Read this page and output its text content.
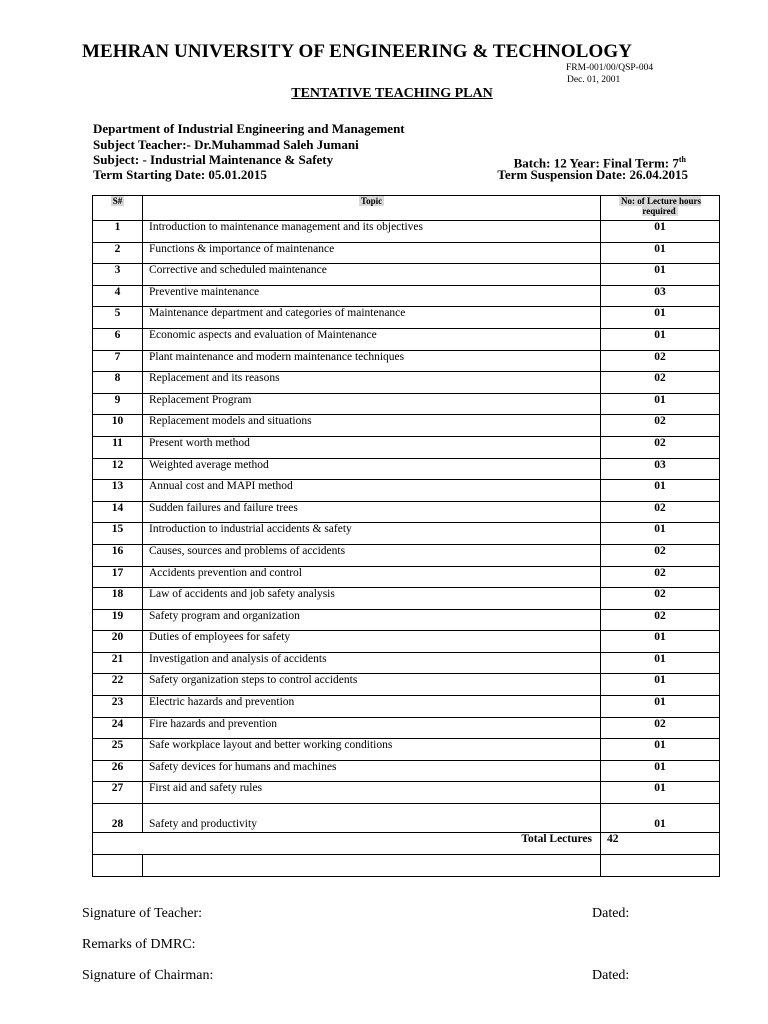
MEHRAN UNIVERSITY OF ENGINEERING & TECHNOLOGY
FRM-001/00/QSP-004
Dec. 01, 2001
TENTATIVE TEACHING PLAN
Department of Industrial Engineering and Management
Subject Teacher:- Dr.Muhammad Saleh Jumani
Subject: - Industrial Maintenance & Safety
Term Starting Date: 05.01.2015
Batch: 12 Year: Final Term: 7th
Term Suspension Date: 26.04.2015
S#	Topic	No: of Lecture hours required
1	Introduction to maintenance management and its objectives	01
2	Functions & importance of maintenance	01
3	Corrective and scheduled maintenance	01
4	Preventive maintenance	03
5	Maintenance department and categories of maintenance	01
6	Economic aspects and evaluation of Maintenance	01
7	Plant maintenance and modern maintenance techniques	02
8	Replacement and its reasons	02
9	Replacement Program	01
10	Replacement models and situations	02
11	Present worth method	02
12	Weighted average method	03
13	Annual cost and MAPI method	01
14	Sudden failures and failure trees	02
15	Introduction to industrial accidents & safety	01
16	Causes, sources and problems of accidents	02
17	Accidents prevention and control	02
18	Law of accidents and job safety analysis	02
19	Safety program and organization	02
20	Duties of employees for safety	01
21	Investigation and analysis of accidents	01
22	Safety organization steps to control accidents	01
23	Electric hazards and prevention	01
24	Fire hazards and prevention	02
25	Safe workplace layout and better working conditions	01
26	Safety devices for humans and machines	01
27	First aid and safety rules	01
28	Safety and productivity	01
Total Lectures		42

Signature of Teacher:	Dated:
Remarks of DMRC:
Signature of Chairman:	Dated:
